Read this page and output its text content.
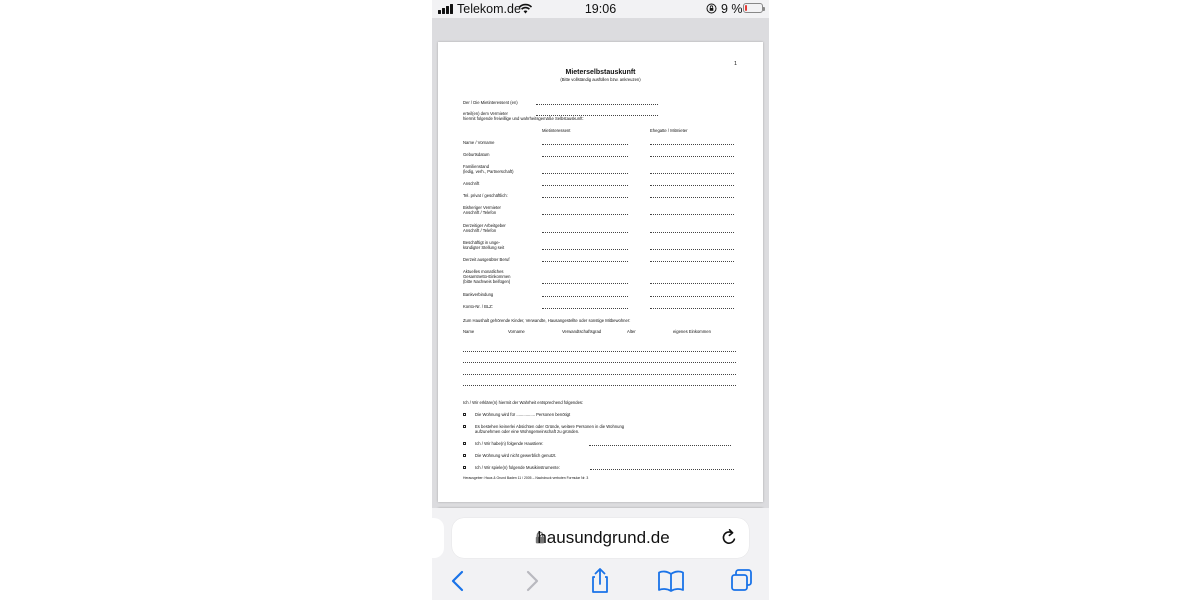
Telekom.de	19:06	9 %
1
Mieterselbstauskunft
(Bitte vollständig ausfüllen bzw. ankreuzen)
Der / Die Mietinteressent (en)
erteil(en) dem Vermieter
hiermit folgende freiwillige und wahrheitsgemäße Selbstauskunft:
Mietinteressent	Ehegatte / Mitmieter
Name / Vorname
Geburtsdatum
Familienstand
(ledig, verh., Partnerschaft)
Anschrift
Tel. privat / geschäftlich:
Bisheriger Vermieter
Anschrift / Telefon
Derzeitiger Arbeitgeber
Anschrift / Telefon
Beschäftigt in unge-
kündigter Stellung seit
Derzeit ausgeübter Beruf
Aktuelles monatliches
Gesamtnetto-Einkommen
(bitte Nachweis beifügen)
Bankverbindung
Konto-Nr. / BLZ:
Zum Haushalt gehörende Kinder, Verwandte, Hausangestellte oder sonstige Mitbewohner:
Name	Vorname	Verwandtschaftsgrad	Alter	eigenes Einkommen
Ich / Wir erkläre(n) hiermit der Wahrheit entsprechend folgendes:
Die Wohnung wird für ................ Personen benötigt
Es bestehen keinerlei Absichten oder Gründe, weitere Personen in die Wohnung
aufzunehmen oder eine Wohngemeinschaft zu gründen.
Ich / Wir habe(n) folgende Haustiere:
Die Wohnung wird nicht gewerblich genutzt.
Ich / Wir spiele(n) folgende Musikinstrumente:
Herausgeber: Haus & Grund Baden 11 / 2005 – Nachdruck verboten Formular Nr. 3
hausundgrund.de
